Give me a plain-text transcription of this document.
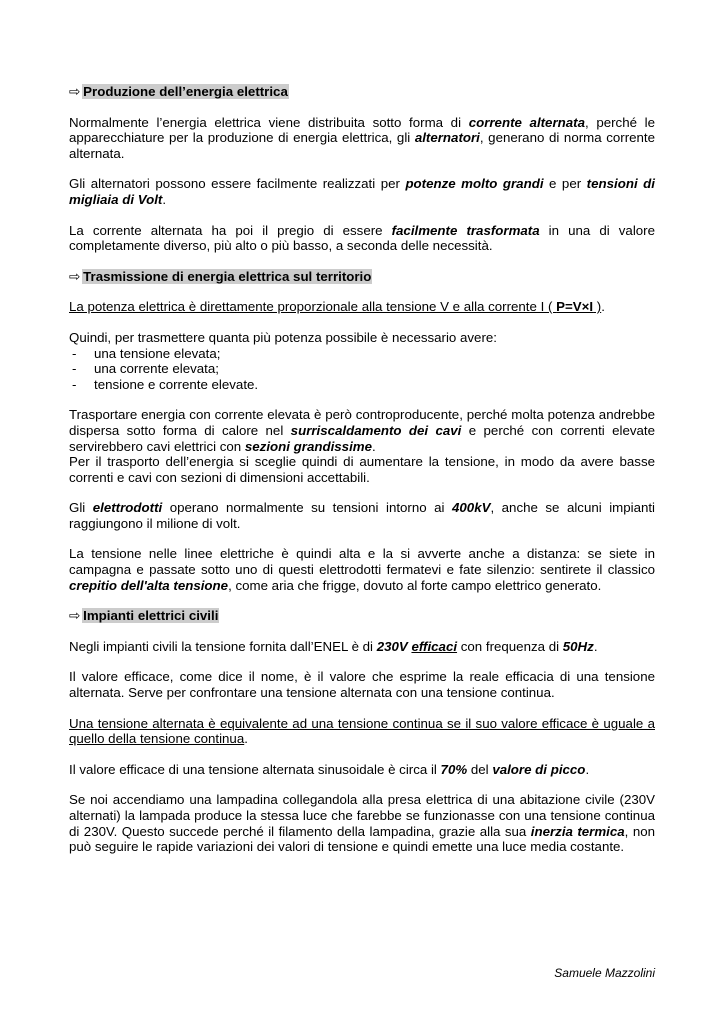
⇨ Produzione dell’energia elettrica

Normalmente l’energia elettrica viene distribuita sotto forma di corrente alternata, perché le apparecchiature per la produzione di energia elettrica, gli alternatori, generano di norma corrente alternata.

Gli alternatori possono essere facilmente realizzati per potenze molto grandi e per tensioni di migliaia di Volt.

La corrente alternata ha poi il pregio di essere facilmente trasformata in una di valore completamente diverso, più alto o più basso, a seconda delle necessità.

⇨ Trasmissione di energia elettrica sul territorio

La potenza elettrica è direttamente proporzionale alla tensione V e alla corrente I ( P=V×I ).

Quindi, per trasmettere quanta più potenza possibile è necessario avere:

-	una tensione elevata;
-	una corrente elevata;
-	tensione e corrente elevate.

Trasportare energia con corrente elevata è però controproducente, perché molta potenza andrebbe dispersa sotto forma di calore nel surriscaldamento dei cavi e perché con correnti elevate servirebbero cavi elettrici con sezioni grandissime.

Per il trasporto dell’energia si sceglie quindi di aumentare la tensione, in modo da avere basse correnti e cavi con sezioni di dimensioni accettabili.

Gli elettrodotti operano normalmente su tensioni intorno ai 400kV, anche se alcuni impianti raggiungono il milione di volt.

La tensione nelle linee elettriche è quindi alta e la si avverte anche a distanza: se siete in campagna e passate sotto uno di questi elettrodotti fermatevi e fate silenzio: sentirete il classico crepitio dell'alta tensione, come aria che frigge, dovuto al forte campo elettrico generato.

⇨ Impianti elettrici civili

Negli impianti civili la tensione fornita dall’ENEL è di 230V efficaci con frequenza di 50Hz.

Il valore efficace, come dice il nome, è il valore che esprime la reale efficacia di una tensione alternata. Serve per confrontare una tensione alternata con una tensione continua.

Una tensione alternata è equivalente ad una tensione continua se il suo valore efficace è uguale a quello della tensione continua.

Il valore efficace di una tensione alternata sinusoidale è circa il 70% del valore di picco.

Se noi accendiamo una lampadina collegandola alla presa elettrica di una abitazione civile (230V alternati) la lampada produce la stessa luce che farebbe se funzionasse con una tensione continua di 230V. Questo succede perché il filamento della lampadina, grazie alla sua inerzia termica, non può seguire le rapide variazioni dei valori di tensione e quindi emette una luce media costante.

Samuele Mazzolini
